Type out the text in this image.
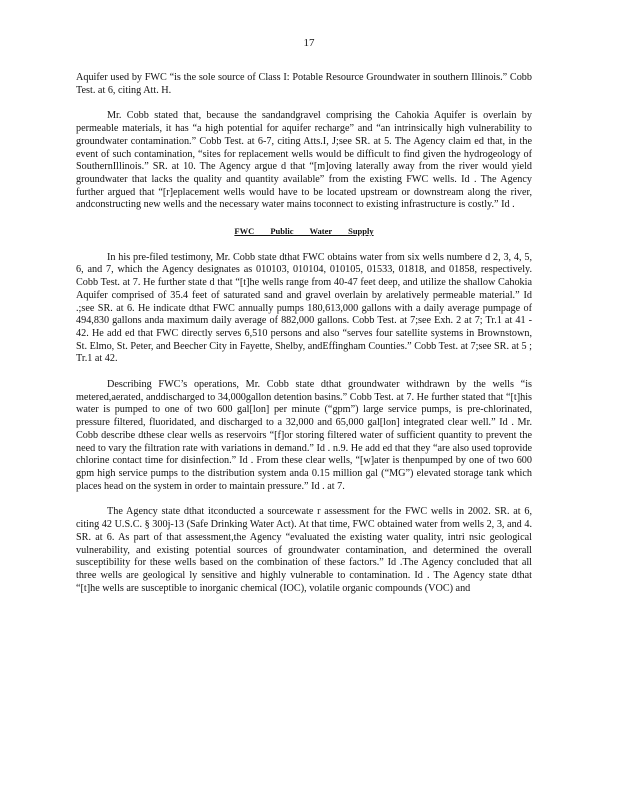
17

Aquifer used by FWC “is the sole source of Class I: Potable Resource Groundwater in southern Illinois.” Cobb Test. at 6, citing Att. H.

Mr. Cobb stated that, because the sandandgravel comprising the Cahokia Aquifer is overlain by permeable materials, it has “a high potential for aquifer recharge” and “an intrinsically high vulnerability to groundwater contamination.” Cobb Test. at 6-7, citing Atts.I, J;see SR. at 5. The Agency claim ed that, in the event of such contamination, “sites for replacement wells would be difficult to find given the hydrogeology of SouthernIllinois.” SR. at 10. The Agency argue d that “[m]oving laterally away from the river would yield groundwater that lacks the quality and quantity available” from the existing FWC wells. Id . The Agency further argued that “[r]eplacement wells would have to be located upstream or downstream along the river, andconstructing new wells and the necessary water mains toconnect to existing infrastructure is costly.” Id .

FWC Public Water Supply

In his pre-filed testimony, Mr. Cobb state dthat FWC obtains water from six wells numbere d 2, 3, 4, 5, 6, and 7, which the Agency designates as 010103, 010104, 010105, 01533, 01818, and 01858, respectively. Cobb Test. at 7. He further state d that “[t]he wells range from 40-47 feet deep, and utilize the shallow Cahokia Aquifer comprised of 35.4 feet of saturated sand and gravel overlain by arelatively permeable material.” Id .;see SR. at 6. He indicate dthat FWC annually pumps 180,613,000 gallons with a daily average pumpage of 494,830 gallons anda maximum daily average of 882,000 gallons. Cobb Test. at 7;see Exh. 2 at 7; Tr.1 at 41 - 42. He add ed that FWC directly serves 6,510 persons and also “serves four satellite systems in Brownstown, St. Elmo, St. Peter, and Beecher City in Fayette, Shelby, andEffingham Counties.” Cobb Test. at 7;see SR. at 5 ; Tr.1 at 42.

Describing FWC’s operations, Mr. Cobb state dthat groundwater withdrawn by the wells “is metered,aerated, anddischarged to 34,000gallon detention basins.” Cobb Test. at 7. He further stated that “[t]his water is pumped to one of two 600 gal[lon] per minute (“gpm”) large service pumps, is pre-chlorinated, pressure filtered, fluoridated, and discharged to a 32,000 and 65,000 gal[lon] integrated clear well.” Id . Mr. Cobb describe dthese clear wells as reservoirs “[f]or storing filtered water of sufficient quantity to prevent the need to vary the filtration rate with variations in demand.” Id . n.9. He add ed that they “are also used toprovide chlorine contact time for disinfection.” Id . From these clear wells, “[w]ater is thenpumped by one of two 600 gpm high service pumps to the distribution system anda 0.15 million gal (“MG”) elevated storage tank which places head on the system in order to maintain pressure.” Id . at 7.

The Agency state dthat itconducted a sourcewate r assessment for the FWC wells in 2002. SR. at 6, citing 42 U.S.C. § 300j-13 (Safe Drinking Water Act). At that time, FWC obtained water from wells 2, 3, and 4. SR. at 6. As part of that assessment,the Agency “evaluated the existing water quality, intri nsic geological vulnerability, and existing potential sources of groundwater contamination, and determined the overall susceptibility for these wells based on the combination of these factors.” Id .The Agency concluded that all three wells are geological ly sensitive and highly vulnerable to contamination. Id . The Agency state dthat “[t]he wells are susceptible to inorganic chemical (IOC), volatile organic compounds (VOC) and
